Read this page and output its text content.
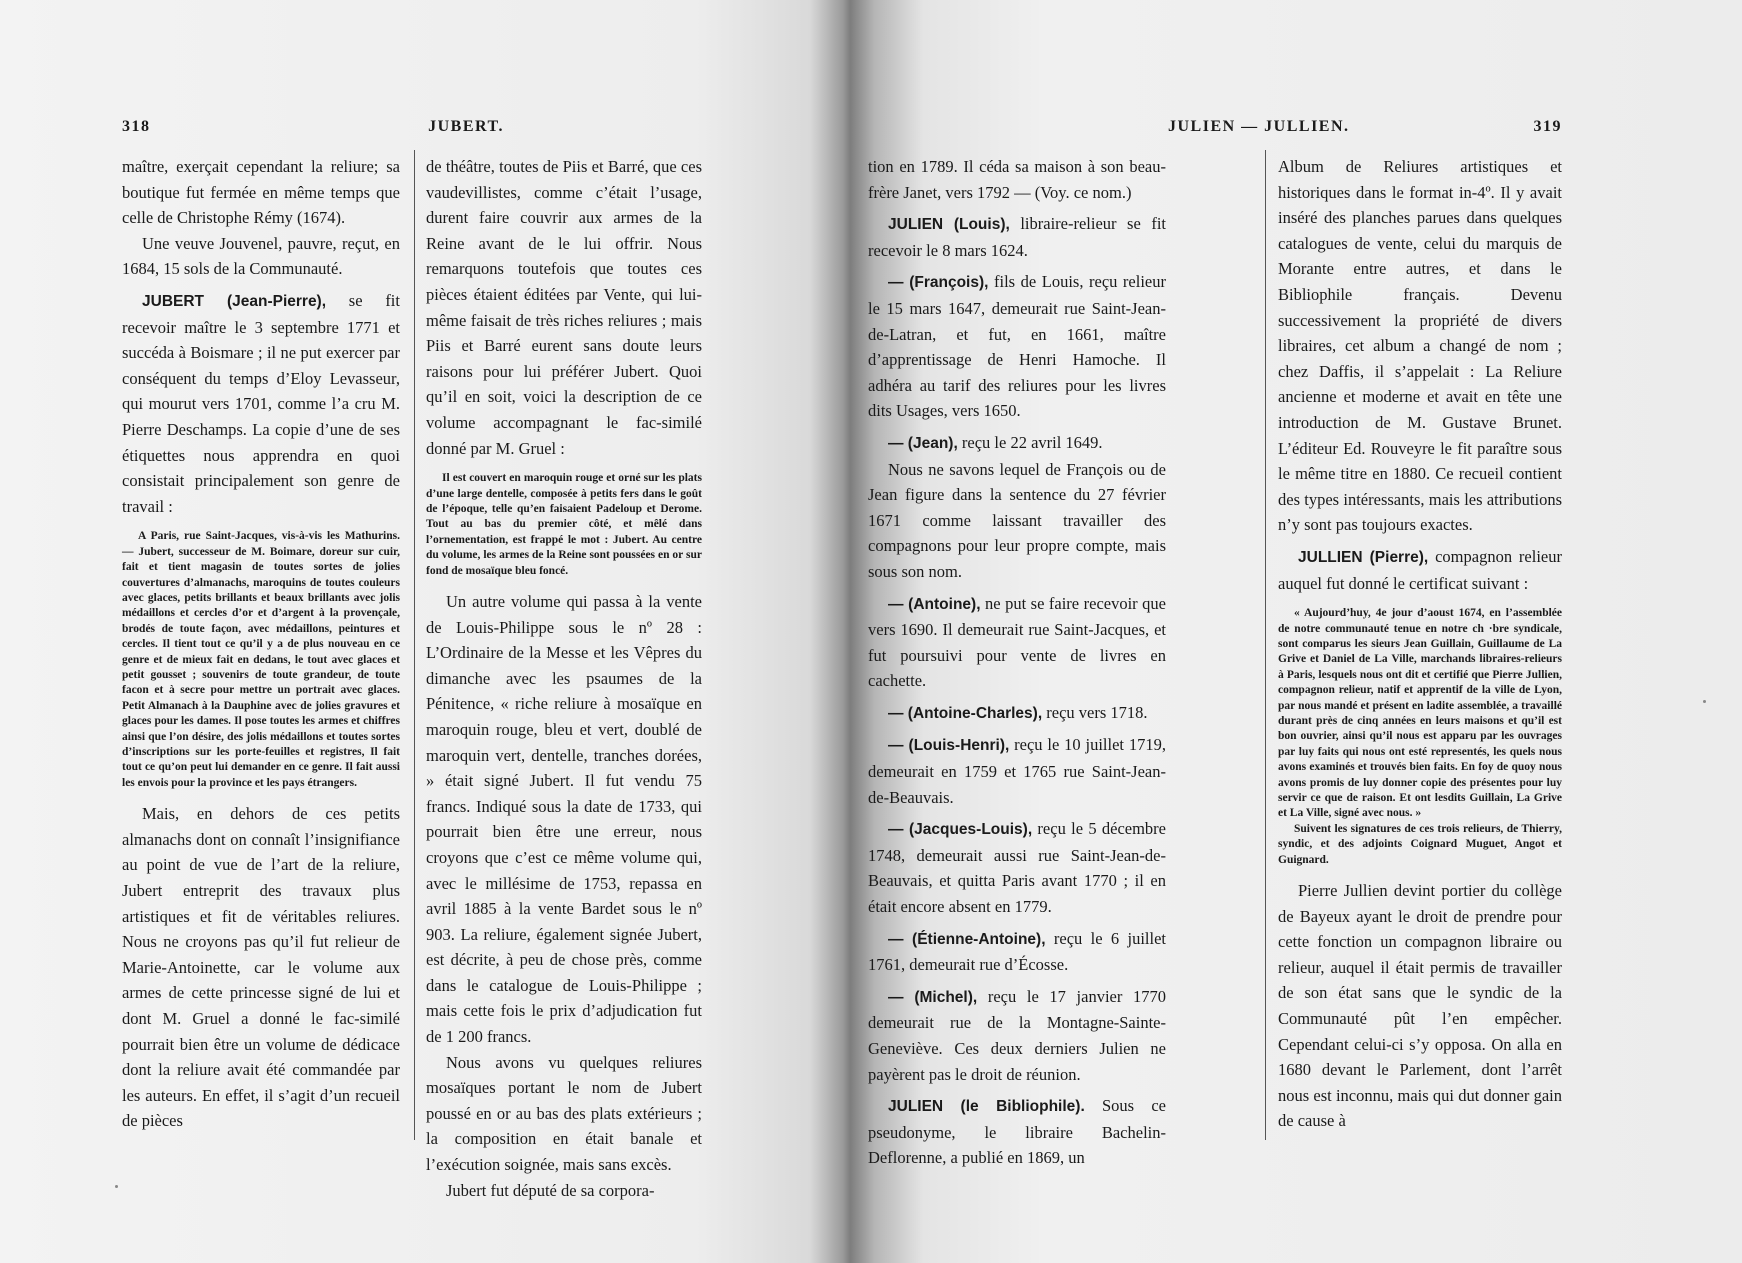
318	JUBERT.

maître, exerçait cependant la reliure; sa boutique fut fermée en même temps que celle de Christophe Rémy (1674).

Une veuve Jouvenel, pauvre, reçut, en 1684, 15 sols de la Communauté.

JUBERT (Jean-Pierre), se fit recevoir maître le 3 septembre 1771 et succéda à Boismare ; il ne put exercer par conséquent du temps d’Eloy Levasseur, qui mourut vers 1701, comme l’a cru M. Pierre Deschamps. La copie d’une de ses étiquettes nous apprendra en quoi consistait principalement son genre de travail :

A Paris, rue Saint-Jacques, vis-à-vis les Mathurins. — Jubert, successeur de M. Boimare, doreur sur cuir, fait et tient magasin de toutes sortes de jolies couvertures d’almanachs, maroquins de toutes couleurs avec glaces, petits brillants et beaux brillants avec jolis médaillons et cercles d’or et d’argent à la provençale, brodés de toute façon, avec médaillons, peintures et cercles. Il tient tout ce qu’il y a de plus nouveau en ce genre et de mieux fait en dedans, le tout avec glaces et petit gousset ; souvenirs de toute grandeur, de toute facon et à secre pour mettre un portrait avec glaces. Petit Almanach à la Dauphine avec de jolies gravures et glaces pour les dames. Il pose toutes les armes et chiffres ainsi que l’on désire, des jolis médaillons et toutes sortes d’inscriptions sur les porte-feuilles et registres, Il fait tout ce qu’on peut lui demander en ce genre. Il fait aussi les envois pour la province et les pays étrangers.

Mais, en dehors de ces petits almanachs dont on connaît l’insignifiance au point de vue de l’art de la reliure, Jubert entreprit des travaux plus artistiques et fit de véritables reliures. Nous ne croyons pas qu’il fut relieur de Marie-Antoinette, car le volume aux armes de cette princesse signé de lui et dont M. Gruel a donné le fac-similé pourrait bien être un volume de dédicace dont la reliure avait été commandée par les auteurs. En effet, il s’agit d’un recueil de pièces

de théâtre, toutes de Piis et Barré, que ces vaudevillistes, comme c’était l’usage, durent faire couvrir aux armes de la Reine avant de le lui offrir. Nous remarquons toutefois que toutes ces pièces étaient éditées par Vente, qui lui-même faisait de très riches reliures ; mais Piis et Barré eurent sans doute leurs raisons pour lui préférer Jubert. Quoi qu’il en soit, voici la description de ce volume accompagnant le fac-similé donné par M. Gruel :

Il est couvert en maroquin rouge et orné sur les plats d’une large dentelle, composée à petits fers dans le goût de l’époque, telle qu’en faisaient Padeloup et Derome. Tout au bas du premier côté, et mêlé dans l’ornementation, est frappé le mot : Jubert. Au centre du volume, les armes de la Reine sont poussées en or sur fond de mosaïque bleu foncé.

Un autre volume qui passa à la vente de Louis-Philippe sous le nº 28 : L’Ordinaire de la Messe et les Vêpres du dimanche avec les psaumes de la Pénitence, « riche reliure à mosaïque en maroquin rouge, bleu et vert, doublé de maroquin vert, dentelle, tranches dorées, » était signé Jubert. Il fut vendu 75 francs. Indiqué sous la date de 1733, qui pourrait bien être une erreur, nous croyons que c’est ce même volume qui, avec le millésime de 1753, repassa en avril 1885 à la vente Bardet sous le nº 903. La reliure, également signée Jubert, est décrite, à peu de chose près, comme dans le catalogue de Louis-Philippe ; mais cette fois le prix d’adjudication fut de 1 200 francs.

Nous avons vu quelques reliures mosaïques portant le nom de Jubert poussé en or au bas des plats extérieurs ; la composition en était banale et l’exécution soignée, mais sans excès.

Jubert fut député de sa corpora-

JULIEN — JULLIEN.	319

tion en 1789. Il céda sa maison à son beau-frère Janet, vers 1792 — (Voy. ce nom.)

JULIEN (Louis), libraire-relieur se fit recevoir le 8 mars 1624.

— (François), fils de Louis, reçu relieur le 15 mars 1647, demeurait rue Saint-Jean-de-Latran, et fut, en 1661, maître d’apprentissage de Henri Hamoche. Il adhéra au tarif des reliures pour les livres dits Usages, vers 1650.

— (Jean), reçu le 22 avril 1649.

Nous ne savons lequel de François ou de Jean figure dans la sentence du 27 février 1671 comme laissant travailler des compagnons pour leur propre compte, mais sous son nom.

— (Antoine), ne put se faire recevoir que vers 1690. Il demeurait rue Saint-Jacques, et fut poursuivi pour vente de livres en cachette.

— (Antoine-Charles), reçu vers 1718.

— (Louis-Henri), reçu le 10 juillet 1719, demeurait en 1759 et 1765 rue Saint-Jean-de-Beauvais.

— (Jacques-Louis), reçu le 5 décembre 1748, demeurait aussi rue Saint-Jean-de-Beauvais, et quitta Paris avant 1770 ; il en était encore absent en 1779.

— (Étienne-Antoine), reçu le 6 juillet 1761, demeurait rue d’Écosse.

— (Michel), reçu le 17 janvier 1770 demeurait rue de la Montagne-Sainte-Geneviève. Ces deux derniers Julien ne payèrent pas le droit de réunion.

JULIEN (le Bibliophile). Sous ce pseudonyme, le libraire Bachelin-Deflorenne, a publié en 1869, un

Album de Reliures artistiques et historiques dans le format in-4º. Il y avait inséré des planches parues dans quelques catalogues de vente, celui du marquis de Morante entre autres, et dans le Bibliophile français. Devenu successivement la propriété de divers libraires, cet album a changé de nom ; chez Daffis, il s’appelait : La Reliure ancienne et moderne et avait en tête une introduction de M. Gustave Brunet. L’éditeur Ed. Rouveyre le fit paraître sous le même titre en 1880. Ce recueil contient des types intéressants, mais les attributions n’y sont pas toujours exactes.

JULLIEN (Pierre), compagnon relieur auquel fut donné le certificat suivant :

« Aujourd’huy, 4e jour d’aoust 1674, en l’assemblée de notre communauté tenue en notre ch ·bre syndicale, sont comparus les sieurs Jean Guillain, Guillaume de La Grive et Daniel de La Ville, marchands libraires-relieurs à Paris, lesquels nous ont dit et certifié que Pierre Jullien, compagnon relieur, natif et apprentif de la ville de Lyon, par nous mandé et présent en ladite assemblée, a travaillé durant près de cinq années en leurs maisons et qu’il est bon ouvrier, ainsi qu’il nous est apparu par les ouvrages par luy faits qui nous ont esté representés, les quels nous avons examinés et trouvés bien faits. En foy de quoy nous avons promis de luy donner copie des présentes pour luy servir ce que de raison. Et ont lesdits Guillain, La Grive et La Ville, signé avec nous. »

Suivent les signatures de ces trois relieurs, de Thierry, syndic, et des adjoints Coignard Muguet, Angot et Guignard.

Pierre Jullien devint portier du collège de Bayeux ayant le droit de prendre pour cette fonction un compagnon libraire ou relieur, auquel il était permis de travailler de son état sans que le syndic de la Communauté pût l’en empêcher. Cependant celui-ci s’y opposa. On alla en 1680 devant le Parlement, dont l’arrêt nous est inconnu, mais qui dut donner gain de cause à
